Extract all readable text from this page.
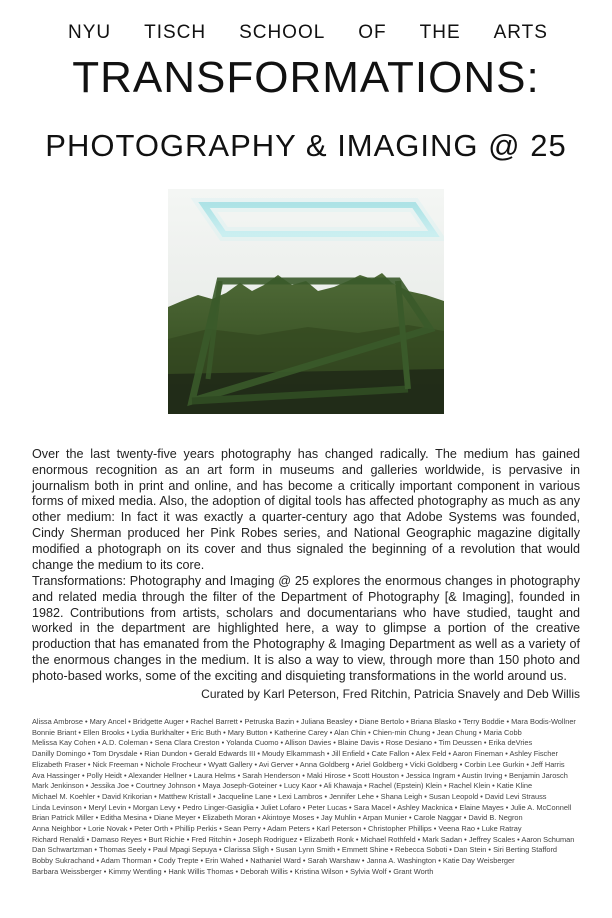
NYU TISCH SCHOOL OF THE ARTS
TRANSFORMATIONS:
PHOTOGRAPHY & IMAGING @ 25
Over the last twenty-five years photography has changed radically. The medium has gained enormous recognition as an art form in museums and galleries worldwide, is pervasive in journalism both in print and online, and has become a critically important component in various forms of mixed media. Also, the adoption of digital tools has affected photography as much as any other medium: In fact it was exactly a quarter-century ago that Adobe Systems was founded, Cindy Sherman produced her Pink Robes series, and National Geographic magazine digitally modified a photograph on its cover and thus signaled the beginning of a revolution that would change the medium to its core.
Transformations: Photography and Imaging @ 25 explores the enormous changes in photography and related media through the filter of the Department of Photography [& Imaging], founded in 1982. Contributions from artists, scholars and documentarians who have studied, taught and worked in the department are highlighted here, a way to glimpse a portion of the creative production that has emanated from the Photography & Imaging Department as well as a variety of the enormous changes in the medium. It is also a way to view, through more than 150 photo and photo-based works, some of the exciting and disquieting transformations in the world around us.
Curated by Karl Peterson, Fred Ritchin, Patricia Snavely and Deb Willis
Alissa Ambrose • Mary Ancel • Bridgette Auger • Rachel Barrett • Petruska Bazin • Juliana Beasley • Diane Bertolo • Briana Blasko • Terry Boddie • Mara Bodis-Wollner
Bonnie Briant • Ellen Brooks • Lydia Burkhalter • Eric Buth • Mary Button • Katherine Carey • Alan Chin • Chien-min Chung • Jean Chung • Maria Cobb
Melissa Kay Cohen • A.D. Coleman • Sena Clara Creston • Yolanda Cuomo • Allison Davies • Blaine Davis • Rose Desiano • Tim Deussen • Erika deVries
Danilly Domingo • Tom Drysdale • Rian Dundon • Gerald Edwards III • Moudy Elkammash • Jill Enfield • Cate Fallon • Alex Feld • Aaron Fineman • Ashley Fischer
Elizabeth Fraser • Nick Freeman • Nichole Frocheur • Wyatt Gallery • Avi Gerver • Anna Goldberg • Ariel Goldberg • Vicki Goldberg • Corbin Lee Gurkin • Jeff Harris
Ava Hassinger • Polly Heidt • Alexander Hellner • Laura Helms • Sarah Henderson • Maki Hirose • Scott Houston • Jessica Ingram • Austin Irving • Benjamin Jarosch
Mark Jenkinson • Jessika Joe • Courtney Johnson • Maya Joseph-Goteiner • Lucy Kaor • Ali Khawaja • Rachel (Epstein) Klein • Rachel Klein • Katie Kline
Michael M. Koehler • David Krikorian • Matthew Kristall • Jacqueline Lane • Lexi Lambros • Jennifer Lehe • Shana Leigh • Susan Leopold • David Levi Strauss
Linda Levinson • Meryl Levin • Morgan Levy • Pedro Linger-Gasiglia • Juliet Lofaro • Peter Lucas • Sara Macel • Ashley Macknica • Elaine Mayes • Julie A. McConnell
Brian Patrick Miller • Editha Mesina • Diane Meyer • Elizabeth Moran • Akintoye Moses • Jay Muhlin • Arpan Munier • Carole Naggar • David B. Negron
Anna Neighbor • Lorie Novak • Peter Orth • Phillip Perkis • Sean Perry • Adam Peters • Karl Peterson • Christopher Phillips • Veena Rao • Luke Ratray
Richard Renaldi • Damaso Reyes • Burt Richie • Fred Ritchin • Joseph Rodriguez • Elizabeth Ronk • Michael Rothfeld • Mark Sadan • Jeffrey Scales • Aaron Schuman
Dan Schwartzman • Thomas Seely • Paul Mpagi Sepuya • Clarissa Sligh • Susan Lynn Smith • Emmett Shine • Rebecca Soboti • Dan Stein • Siri Berting Stafford
Bobby Sukrachand • Adam Thorman • Cody Trepte • Erin Wahed • Nathaniel Ward • Sarah Warshaw • Janna A. Washington • Katie Day Weisberger
Barbara Weissberger • Kimmy Wentling • Hank Willis Thomas • Deborah Willis • Kristina Wilson • Sylvia Wolf • Grant Worth
